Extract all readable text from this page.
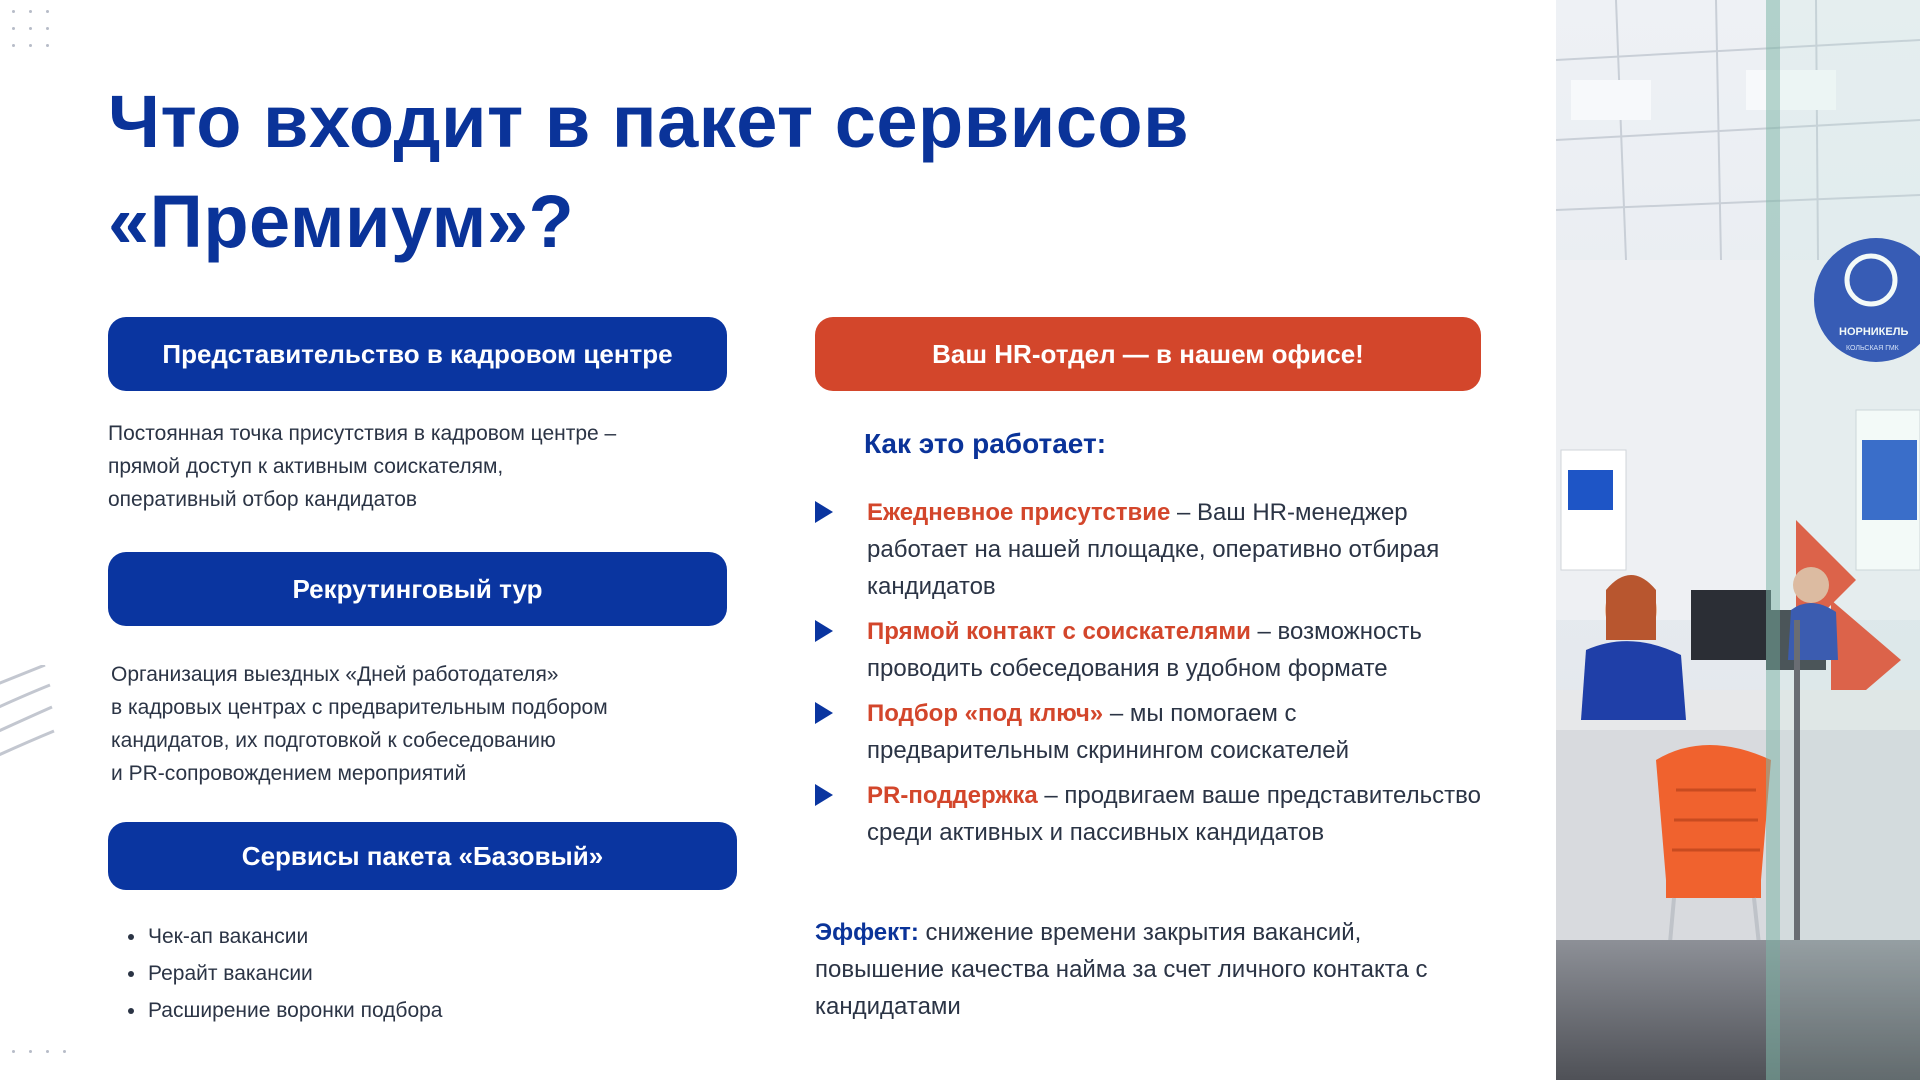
Что входит в пакет сервисов
«Премиум»?
Представительство в кадровом центре
Постоянная точка присутствия в кадровом центре –
прямой доступ к активным соискателям,
оперативный отбор кандидатов
Рекрутинговый тур
Организация выездных «Дней работодателя»
в кадровых центрах с предварительным подбором
кандидатов, их подготовкой к собеседованию
и PR-сопровождением мероприятий
Сервисы пакета «Базовый»
Чек-ап вакансии
Рерайт вакансии
Расширение воронки подбора
Ваш HR-отдел — в нашем офисе!
Как это работает:
Ежедневное присутствие – Ваш HR-менеджер работает на нашей площадке, оперативно отбирая кандидатов
Прямой контакт с соискателями – возможность проводить собеседования в удобном формате
Подбор «под ключ» – мы помогаем с предварительным скринингом соискателей
PR-поддержка – продвигаем ваше представительство среди активных и пассивных кандидатов
Эффект: снижение времени закрытия вакансий, повышение качества найма за счет личного контакта с кандидатами
НОРНИКЕЛЬ
КОЛЬСКАЯ ГМК
